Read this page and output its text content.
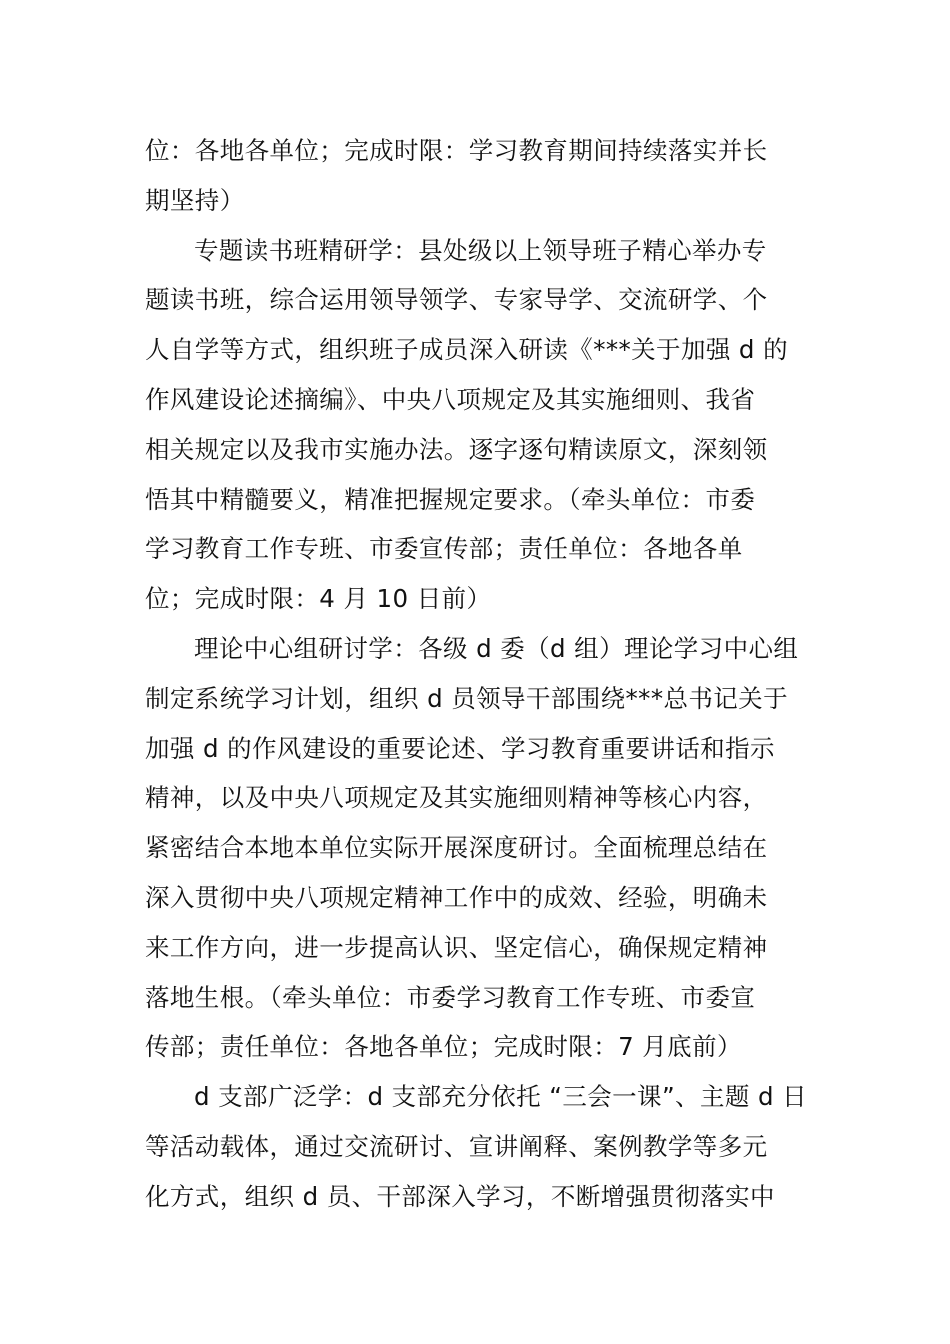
位：各地各单位；完成时限：学习教育期间持续落实并长
期坚持）
专题读书班精研学：县处级以上领导班子精心举办专
题读书班，综合运用领导领学、专家导学、交流研学、个
人自学等方式，组织班子成员深入研读《***关于加强 d 的
作风建设论述摘编》、中央八项规定及其实施细则、我省
相关规定以及我市实施办法。逐字逐句精读原文，深刻领
悟其中精髓要义，精准把握规定要求。（牵头单位：市委
学习教育工作专班、市委宣传部；责任单位：各地各单
位；完成时限：4 月 10 日前）
理论中心组研讨学：各级 d 委（d 组）理论学习中心组
制定系统学习计划，组织 d 员领导干部围绕***总书记关于
加强 d 的作风建设的重要论述、学习教育重要讲话和指示
精神，以及中央八项规定及其实施细则精神等核心内容，
紧密结合本地本单位实际开展深度研讨。全面梳理总结在
深入贯彻中央八项规定精神工作中的成效、经验，明确未
来工作方向，进一步提高认识、坚定信心，确保规定精神
落地生根。（牵头单位：市委学习教育工作专班、市委宣
传部；责任单位：各地各单位；完成时限：7 月底前）
d 支部广泛学：d 支部充分依托 “三会一课”、主题 d 日
等活动载体，通过交流研讨、宣讲阐释、案例教学等多元
化方式，组织 d 员、干部深入学习，不断增强贯彻落实中
